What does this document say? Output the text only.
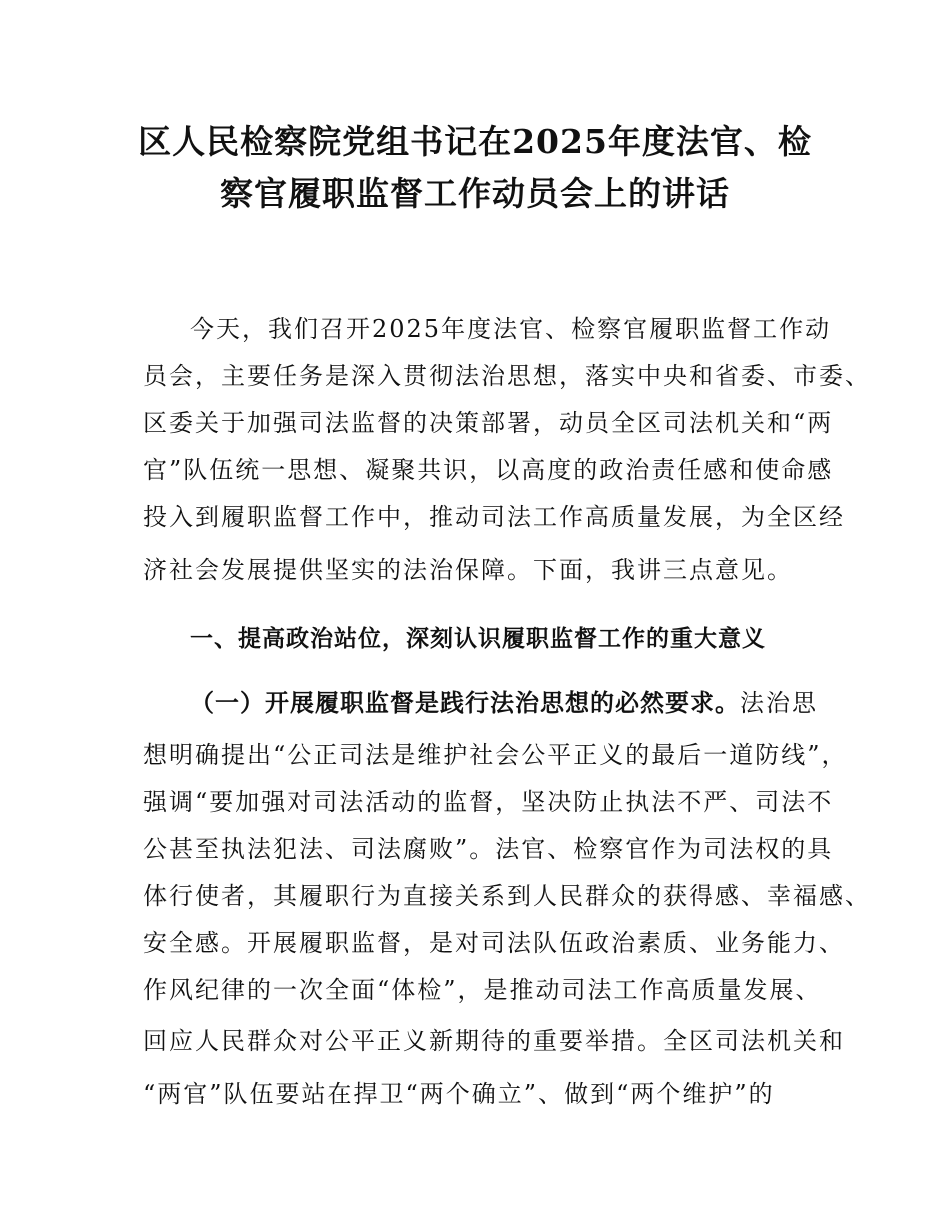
区人民检察院党组书记在2025年度法官、检
察官履职监督工作动员会上的讲话
今天，我们召开2025年度法官、检察官履职监督工作动
员会，主要任务是深入贯彻法治思想，落实中央和省委、市委、
区委关于加强司法监督的决策部署，动员全区司法机关和“两
官”队伍统一思想、凝聚共识，以高度的政治责任感和使命感
投入到履职监督工作中，推动司法工作高质量发展，为全区经
济社会发展提供坚实的法治保障。下面，我讲三点意见。
一、提高政治站位，深刻认识履职监督工作的重大意义
（一）开展履职监督是践行法治思想的必然要求。法治思
想明确提出“公正司法是维护社会公平正义的最后一道防线”，
强调“要加强对司法活动的监督，坚决防止执法不严、司法不
公甚至执法犯法、司法腐败”。法官、检察官作为司法权的具
体行使者，其履职行为直接关系到人民群众的获得感、幸福感、
安全感。开展履职监督，是对司法队伍政治素质、业务能力、
作风纪律的一次全面“体检”，是推动司法工作高质量发展、
回应人民群众对公平正义新期待的重要举措。全区司法机关和
“两官”队伍要站在捍卫“两个确立”、做到“两个维护”的
